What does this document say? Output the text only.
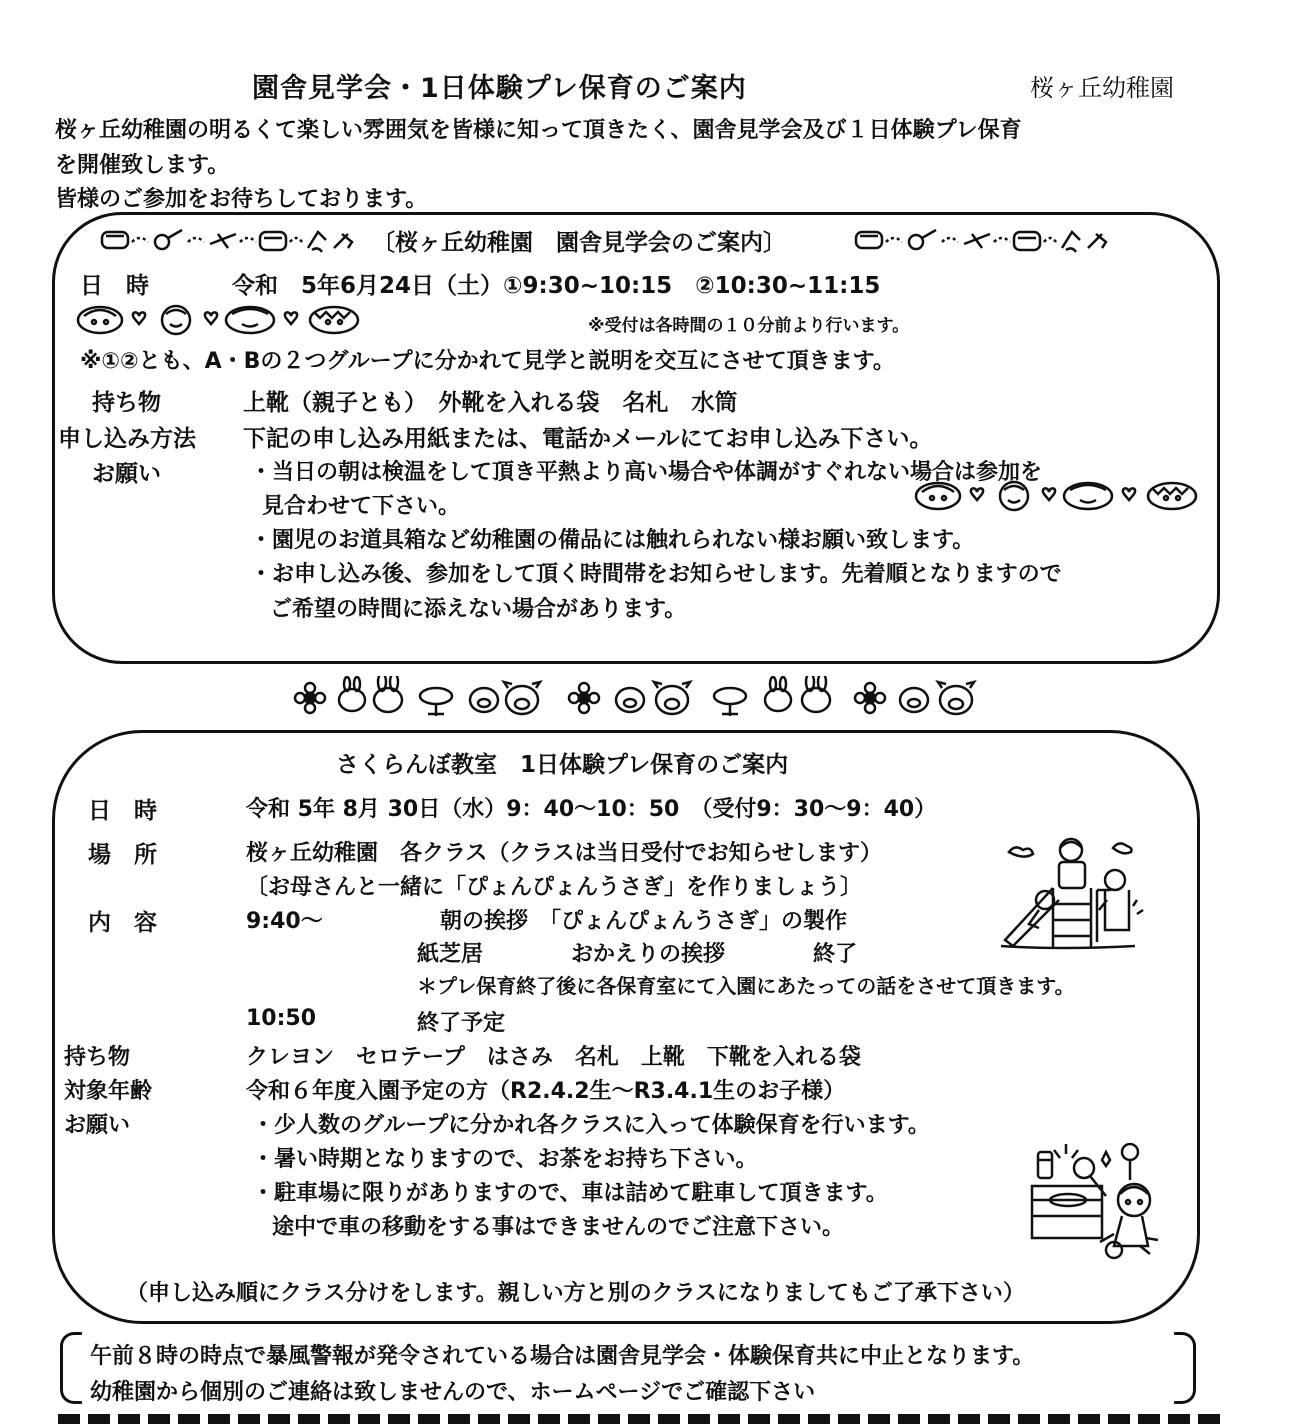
園舎見学会・1日体験プレ保育のご案内	桜ヶ丘幼稚園
桜ヶ丘幼稚園の明るくて楽しい雰囲気を皆様に知って頂きたく、園舎見学会及び１日体験プレ保育
を開催致します。
皆様のご参加をお待ちしております。
〔桜ヶ丘幼稚園　園舎見学会のご案内〕
日　時	令和　5年6月24日（土）①9:30~10:15　②10:30~11:15
※受付は各時間の１０分前より行います。
※①②とも、A・Bの２つグループに分かれて見学と説明を交互にさせて頂きます。
持ち物	上靴（親子とも）　外靴を入れる袋　名札　水筒
申し込み方法 下記の申し込み用紙または、電話かメールにてお申し込み下さい。
お願い	・当日の朝は検温をして頂き平熱より高い場合や体調がすぐれない場合は参加を
見合わせて下さい。
・園児のお道具箱など幼稚園の備品には触れられない様お願い致します。
・お申し込み後、参加をして頂く時間帯をお知らせします。先着順となりますので
ご希望の時間に添えない場合があります。
さくらんぼ教室　1日体験プレ保育のご案内
日　時	令和 5年 8月 30日（水）9：40〜10：50　（受付9：30〜9：40）
場　所	桜ヶ丘幼稚園　各クラス（クラスは当日受付でお知らせします）
〔お母さんと一緒に「ぴょんぴょんうさぎ」を作りましょう〕
内　容	9:40〜	朝の挨拶　「ぴょんぴょんうさぎ」の製作
紙芝居　　　　おかえりの挨拶　　　　終了
＊プレ保育終了後に各保育室にて入園にあたっての話をさせて頂きます。
10:50	終了予定
持ち物	クレヨン　セロテープ　はさみ　名札　上靴　下靴を入れる袋
対象年齢	令和６年度入園予定の方（R2.4.2生〜R3.4.1生のお子様）
お願い	・少人数のグループに分かれ各クラスに入って体験保育を行います。
・暑い時期となりますので、お茶をお持ち下さい。
・駐車場に限りがありますので、車は詰めて駐車して頂きます。
途中で車の移動をする事はできませんのでご注意下さい。
（申し込み順にクラス分けをします。親しい方と別のクラスになりましてもご了承下さい）
午前８時の時点で暴風警報が発令されている場合は園舎見学会・体験保育共に中止となります。
幼稚園から個別のご連絡は致しませんので、ホームページでご確認下さい
